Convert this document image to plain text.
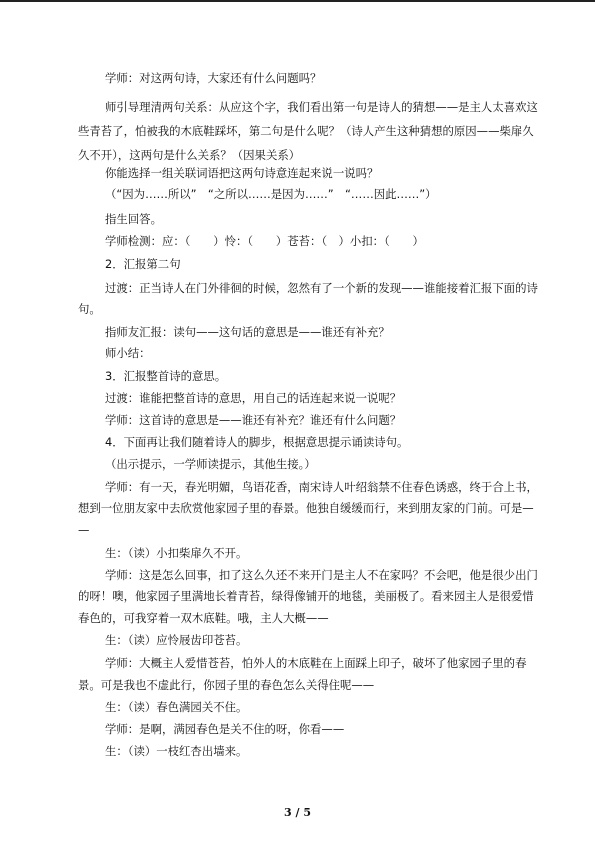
学师：对这两句诗，大家还有什么问题吗？
师引导理清两句关系：从应这个字，我们看出第一句是诗人的猜想——是主人太喜欢这
些青苔了，怕被我的木底鞋踩坏，第二句是什么呢？（诗人产生这种猜想的原因——柴扉久
久不开），这两句是什么关系？（因果关系）
你能选择一组关联词语把这两句诗意连起来说一说吗？
（“因为……所以”　“之所以……是因为……”　“……因此……”）
指生回答。
学师检测：应：（　　）怜：（　　）苍苔：（　）小扣：（　　）
2．汇报第二句
过渡：正当诗人在门外徘徊的时候，忽然有了一个新的发现——谁能接着汇报下面的诗
句。
指师友汇报：读句——这句话的意思是——谁还有补充？
师小结：
3．汇报整首诗的意思。
过渡：谁能把整首诗的意思，用自己的话连起来说一说呢？
学师：这首诗的意思是——谁还有补充？谁还有什么问题？
4．下面再让我们随着诗人的脚步，根据意思提示诵读诗句。
（出示提示，一学师读提示，其他生接。）
学师：有一天，春光明媚，鸟语花香，南宋诗人叶绍翁禁不住春色诱惑，终于合上书，
想到一位朋友家中去欣赏他家园子里的春景。他独自缓缓而行，来到朋友家的门前。可是—
—
生：（读）小扣柴扉久不开。
学师：这是怎么回事，扣了这么久还不来开门是主人不在家吗？不会吧，他是很少出门
的呀！噢，他家园子里满地长着青苔，绿得像铺开的地毯，美丽极了。看来园主人是很爱惜
春色的，可我穿着一双木底鞋。哦，主人大概——
生：（读）应怜屐齿印苍苔。
学师：大概主人爱惜苍苔，怕外人的木底鞋在上面踩上印子，破坏了他家园子里的春
景。可是我也不虚此行，你园子里的春色怎么关得住呢——
生：（读）春色满园关不住。
学师：是啊，满园春色是关不住的呀，你看——
生：（读）一枝红杏出墙来。
3 / 5
